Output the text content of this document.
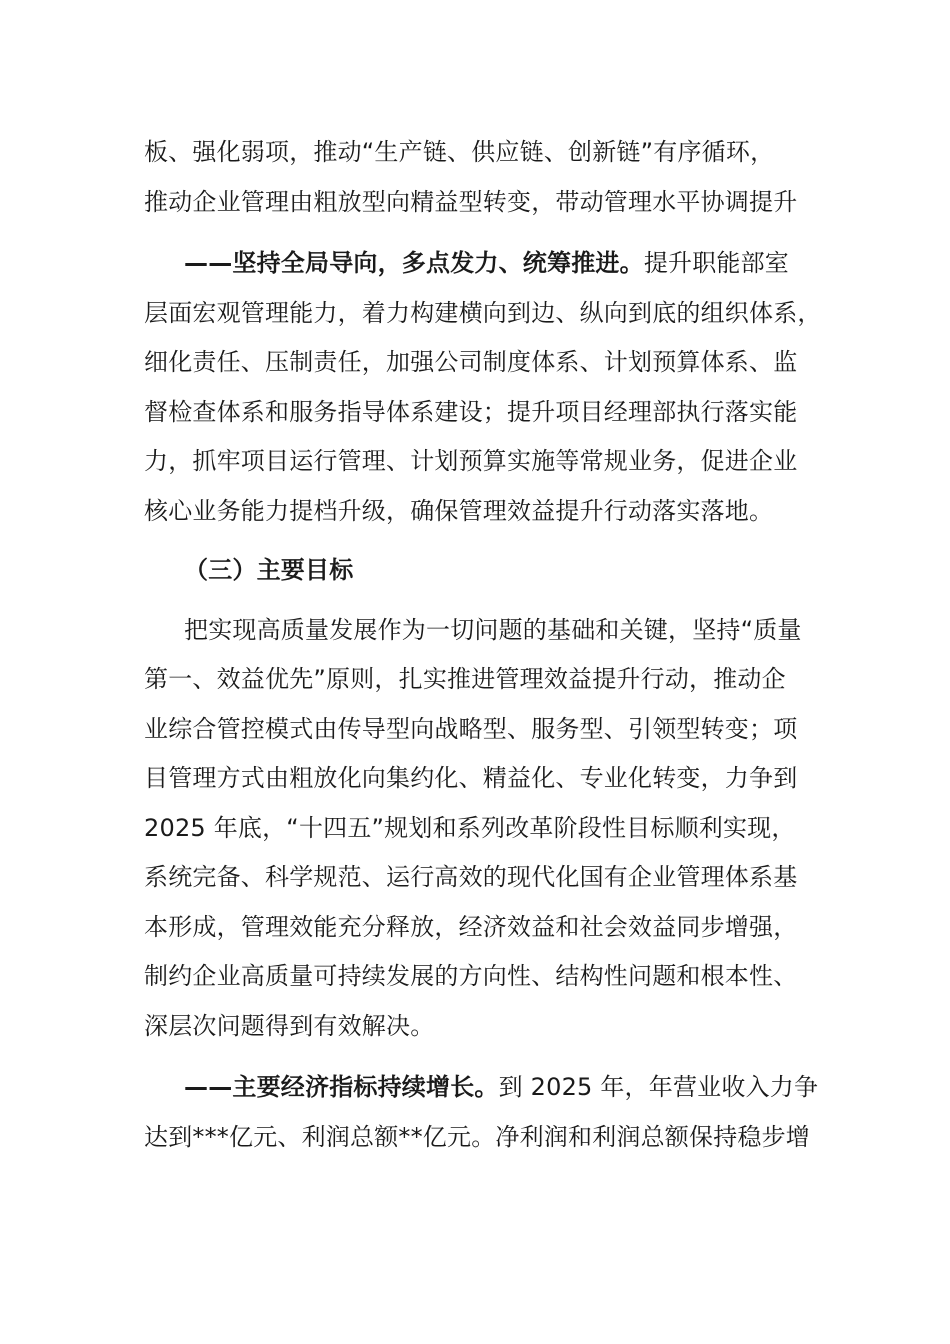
板、强化弱项，推动“生产链、供应链、创新链”有序循环，
推动企业管理由粗放型向精益型转变，带动管理水平协调提升

——坚持全局导向，多点发力、统筹推进。提升职能部室
层面宏观管理能力，着力构建横向到边、纵向到底的组织体系，
细化责任、压制责任，加强公司制度体系、计划预算体系、监
督检查体系和服务指导体系建设；提升项目经理部执行落实能
力，抓牢项目运行管理、计划预算实施等常规业务，促进企业
核心业务能力提档升级，确保管理效益提升行动落实落地。

（三）主要目标

把实现高质量发展作为一切问题的基础和关键，坚持“质量
第一、效益优先”原则，扎实推进管理效益提升行动，推动企
业综合管控模式由传导型向战略型、服务型、引领型转变；项
目管理方式由粗放化向集约化、精益化、专业化转变，力争到
2025 年底，“十四五”规划和系列改革阶段性目标顺利实现，
系统完备、科学规范、运行高效的现代化国有企业管理体系基
本形成，管理效能充分释放，经济效益和社会效益同步增强，
制约企业高质量可持续发展的方向性、结构性问题和根本性、
深层次问题得到有效解决。

——主要经济指标持续增长。到 2025 年，年营业收入力争
达到***亿元、利润总额**亿元。净利润和利润总额保持稳步增
